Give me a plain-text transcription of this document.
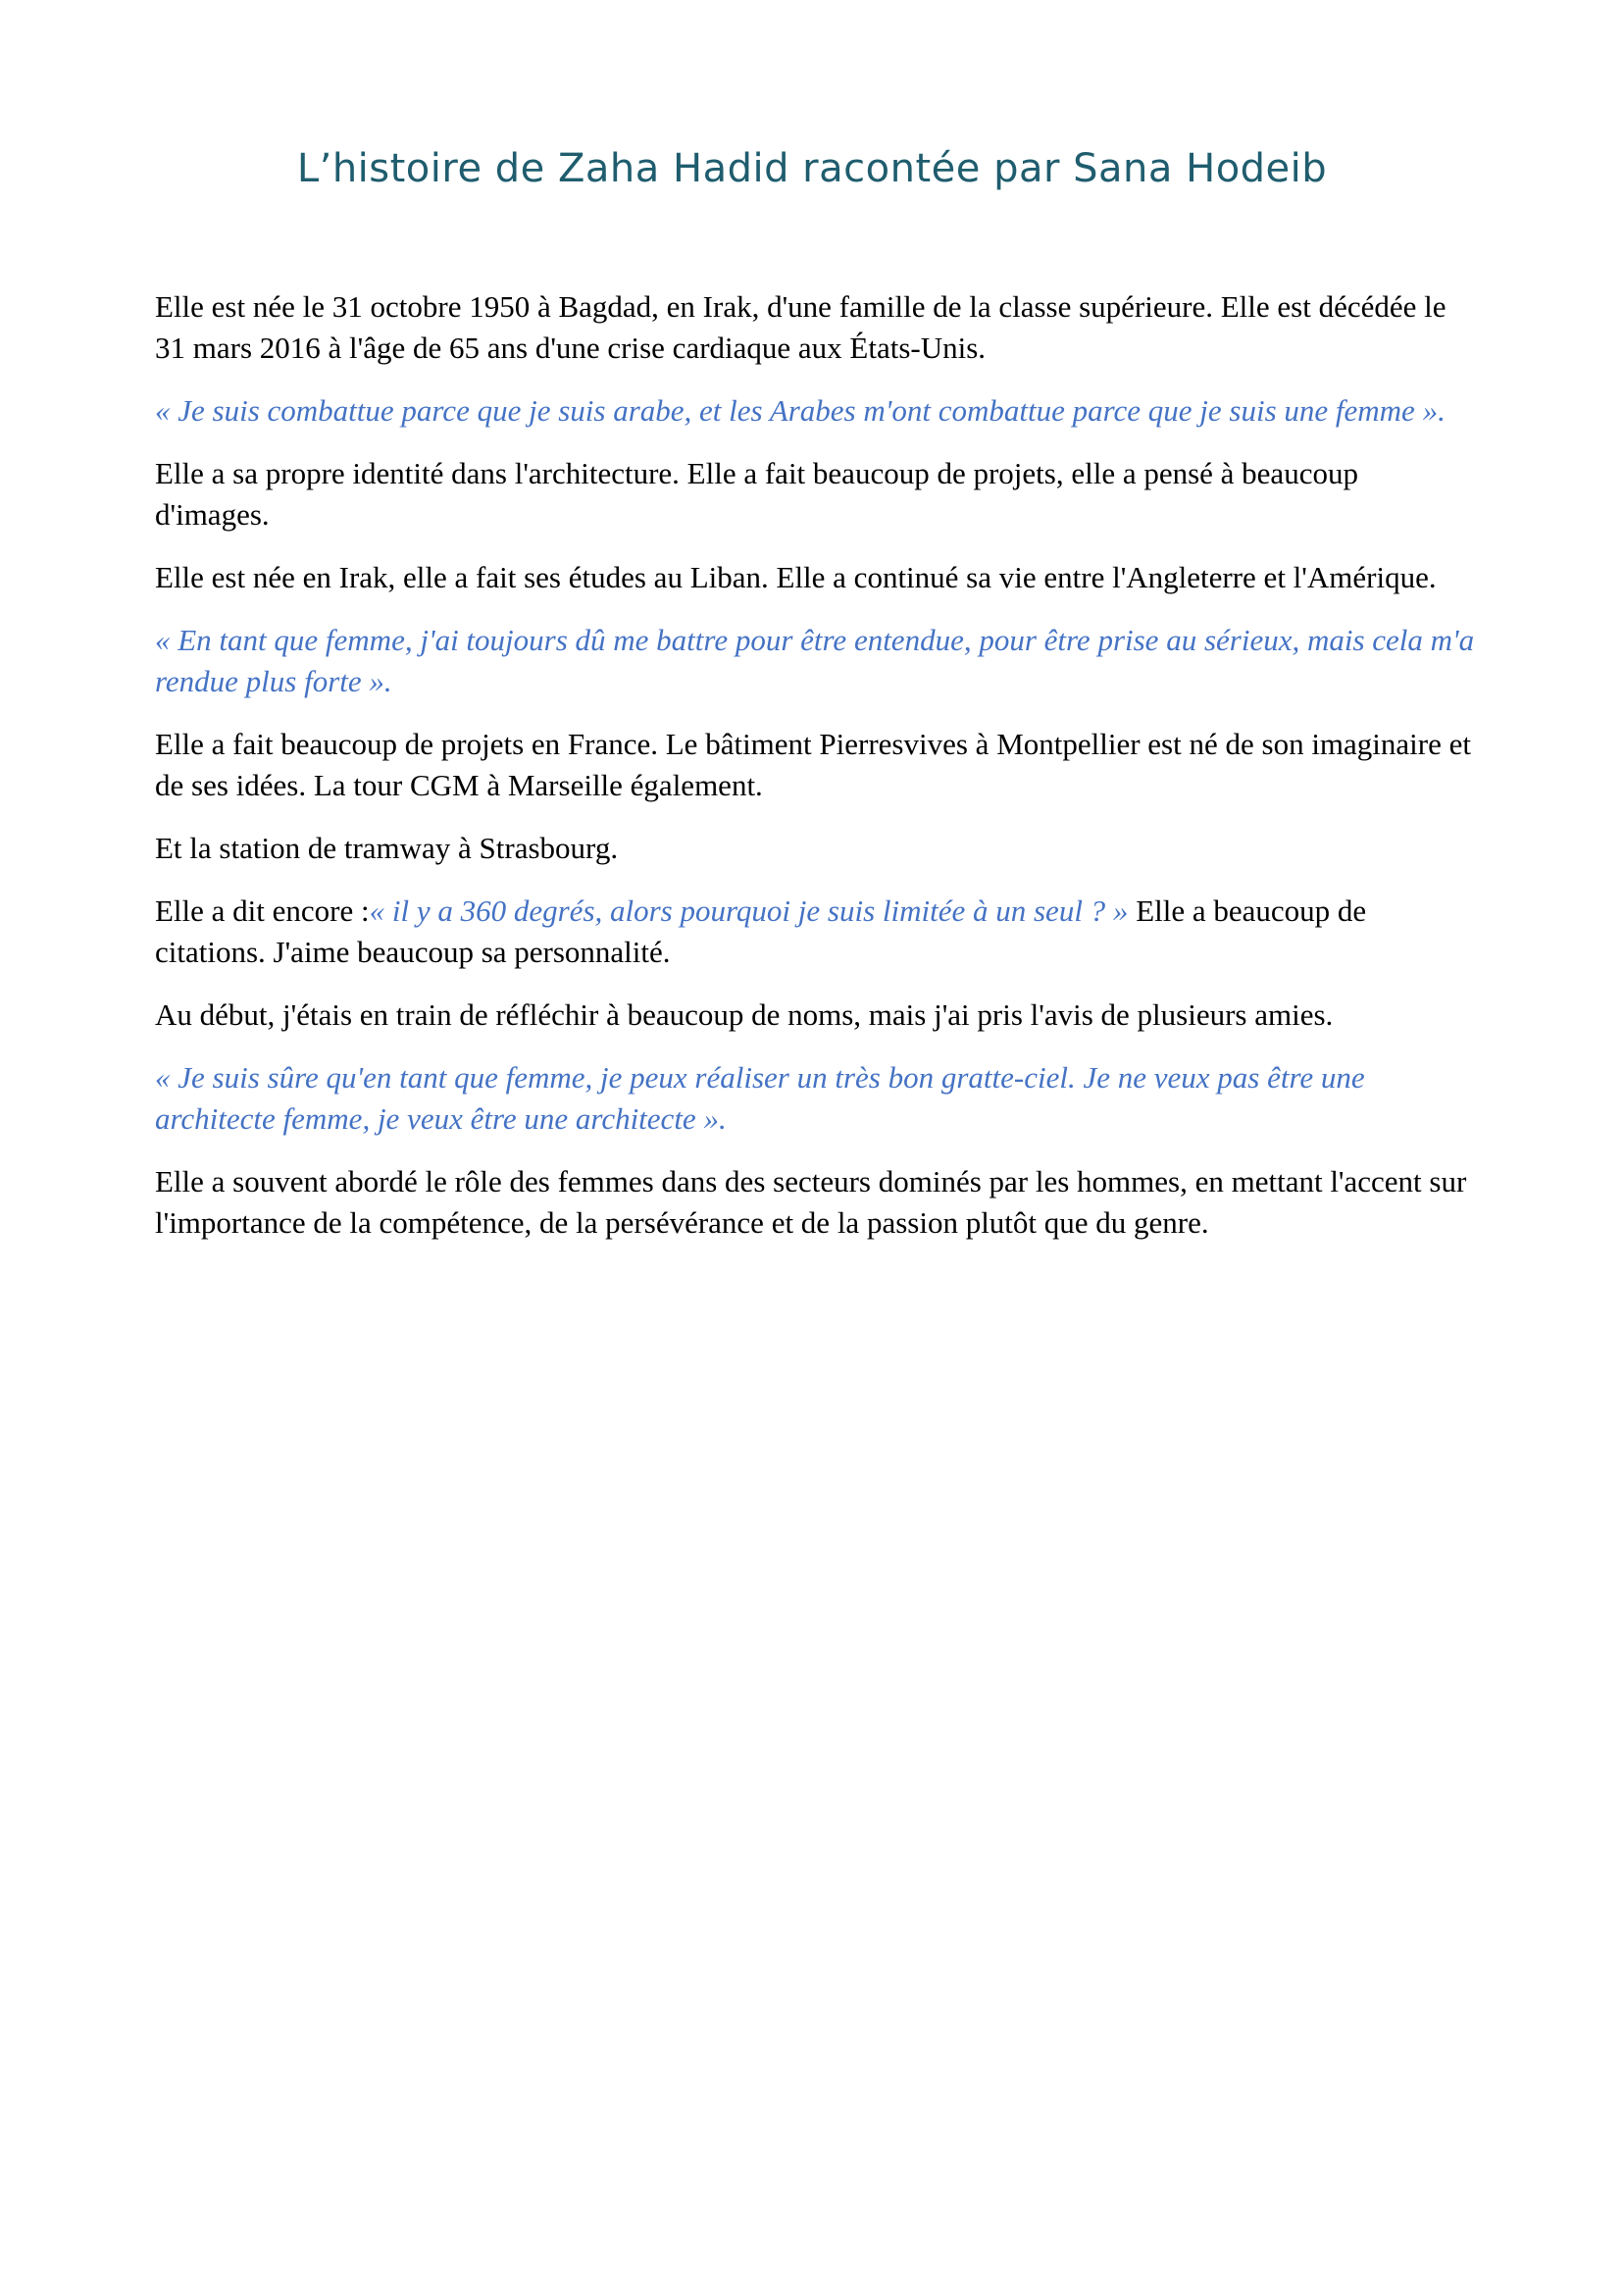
L’histoire de Zaha Hadid racontée par Sana Hodeib

Elle est née le 31 octobre 1950 à Bagdad, en Irak, d'une famille de la classe supérieure. Elle est décédée le 31 mars 2016 à l'âge de 65 ans d'une crise cardiaque aux États-Unis.

« Je suis combattue parce que je suis arabe, et les Arabes m'ont combattue parce que je suis une femme ».

Elle a sa propre identité dans l'architecture. Elle a fait beaucoup de projets, elle a pensé à beaucoup d'images.

Elle est née en Irak, elle a fait ses études au Liban. Elle a continué sa vie entre l'Angleterre et l'Amérique.

« En tant que femme, j'ai toujours dû me battre pour être entendue, pour être prise au sérieux, mais cela m'a rendue plus forte ».

Elle a fait beaucoup de projets en France. Le bâtiment Pierresvives à Montpellier est né de son imaginaire et de ses idées. La tour CGM à Marseille également.

Et la station de tramway à Strasbourg.

Elle a dit encore :« il y a 360 degrés, alors pourquoi je suis limitée à un seul ? » Elle a beaucoup de citations. J'aime beaucoup sa personnalité.

Au début, j'étais en train de réfléchir à beaucoup de noms, mais j'ai pris l'avis de plusieurs amies.

« Je suis sûre qu'en tant que femme, je peux réaliser un très bon gratte-ciel. Je ne veux pas être une architecte femme, je veux être une architecte ».

Elle a souvent abordé le rôle des femmes dans des secteurs dominés par les hommes, en mettant l'accent sur l'importance de la compétence, de la persévérance et de la passion plutôt que du genre.
